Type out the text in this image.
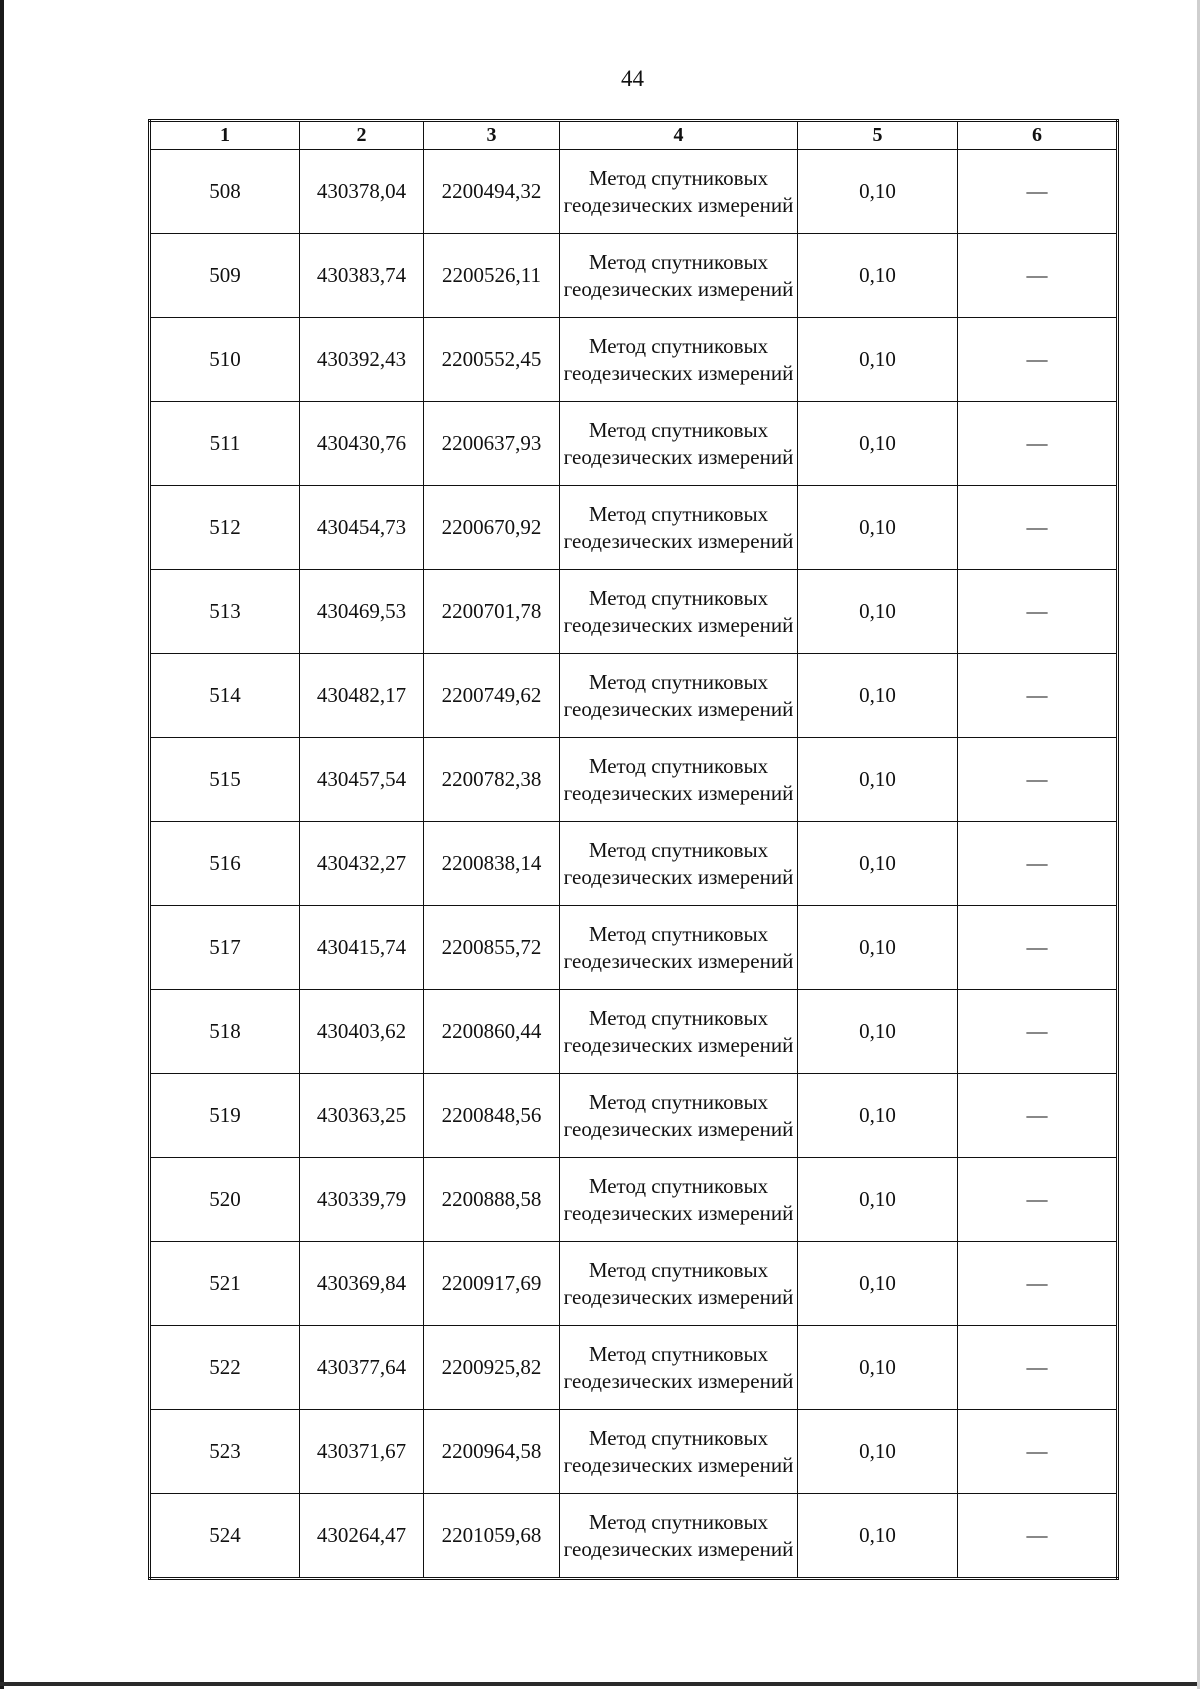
44
1	2	3	4	5	6
508	430378,04	2200494,32	Метод спутниковых геодезических измерений	0,10	—
509	430383,74	2200526,11	Метод спутниковых геодезических измерений	0,10	—
510	430392,43	2200552,45	Метод спутниковых геодезических измерений	0,10	—
511	430430,76	2200637,93	Метод спутниковых геодезических измерений	0,10	—
512	430454,73	2200670,92	Метод спутниковых геодезических измерений	0,10	—
513	430469,53	2200701,78	Метод спутниковых геодезических измерений	0,10	—
514	430482,17	2200749,62	Метод спутниковых геодезических измерений	0,10	—
515	430457,54	2200782,38	Метод спутниковых геодезических измерений	0,10	—
516	430432,27	2200838,14	Метод спутниковых геодезических измерений	0,10	—
517	430415,74	2200855,72	Метод спутниковых геодезических измерений	0,10	—
518	430403,62	2200860,44	Метод спутниковых геодезических измерений	0,10	—
519	430363,25	2200848,56	Метод спутниковых геодезических измерений	0,10	—
520	430339,79	2200888,58	Метод спутниковых геодезических измерений	0,10	—
521	430369,84	2200917,69	Метод спутниковых геодезических измерений	0,10	—
522	430377,64	2200925,82	Метод спутниковых геодезических измерений	0,10	—
523	430371,67	2200964,58	Метод спутниковых геодезических измерений	0,10	—
524	430264,47	2201059,68	Метод спутниковых геодезических измерений	0,10	—
